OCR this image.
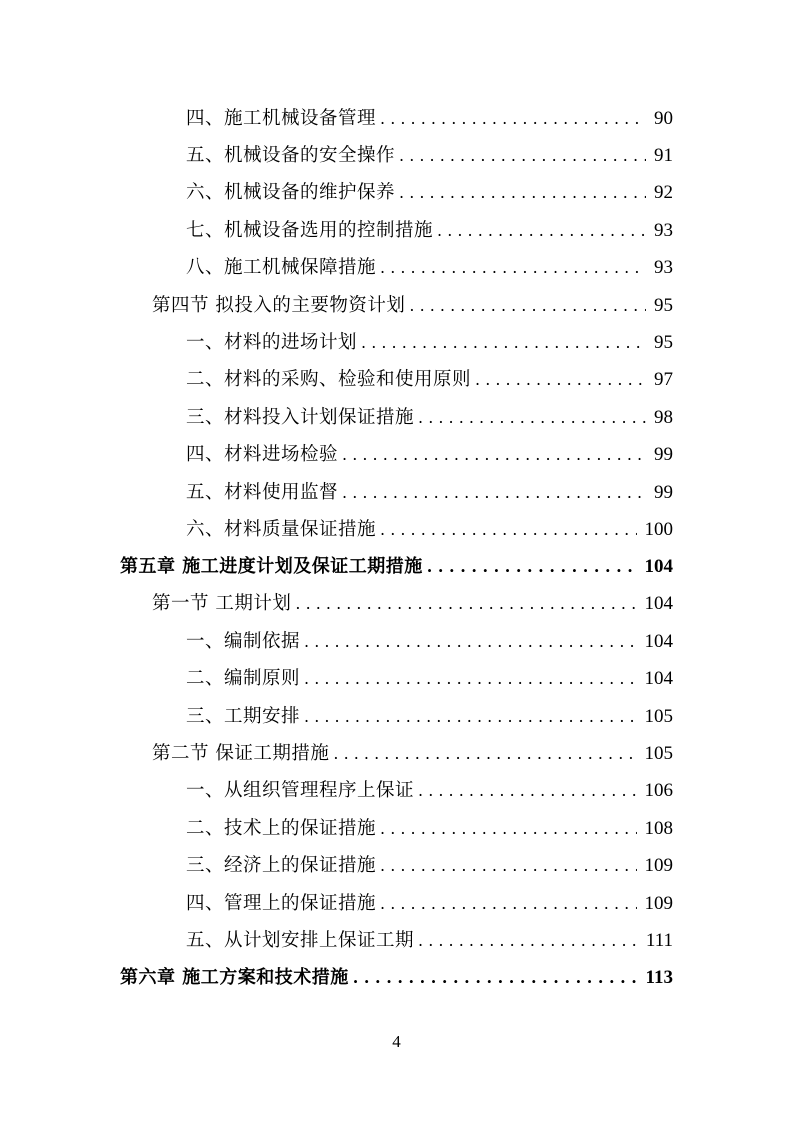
四、施工机械设备管理 . . .	90
五、机械设备的安全操作 . . .	91
六、机械设备的维护保养 . . .	92
七、机械设备选用的控制措施 . . .	93
八、施工机械保障措施 . . .	93
第四节 拟投入的主要物资计划 . . .	95
一、材料的进场计划 . . .	95
二、材料的采购、检验和使用原则 . . .	97
三、材料投入计划保证措施 . . .	98
四、材料进场检验 . . .	99
五、材料使用监督 . . .	99
六、材料质量保证措施 . . .	100
第五章 施工进度计划及保证工期措施 . . .	104
第一节 工期计划 . . .	104
一、编制依据 . . .	104
二、编制原则 . . .	104
三、工期安排 . . .	105
第二节 保证工期措施 . . .	105
一、从组织管理程序上保证 . . .	106
二、技术上的保证措施 . . .	108
三、经济上的保证措施 . . .	109
四、管理上的保证措施 . . .	109
五、从计划安排上保证工期 . . .	111
第六章 施工方案和技术措施 . . .	113
4
